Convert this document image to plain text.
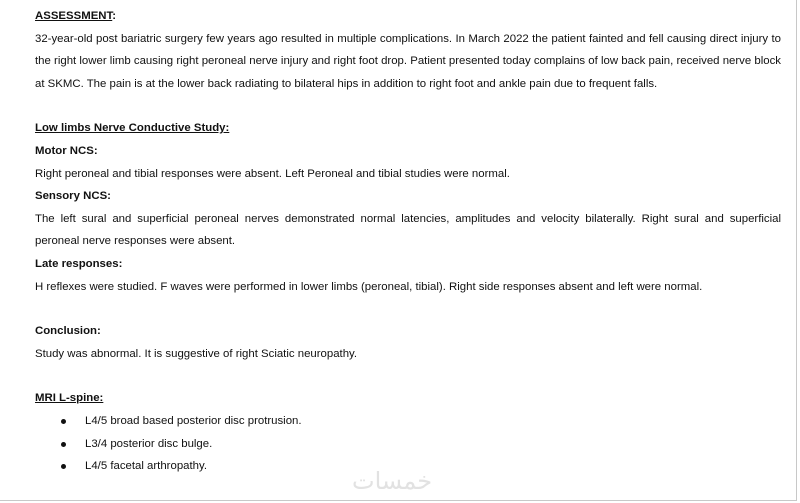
ASSESSMENT:

32-year-old post bariatric surgery few years ago resulted in multiple complications. In March 2022 the patient fainted and fell causing direct injury to the right lower limb causing right peroneal nerve injury and right foot drop. Patient presented today complains of low back pain, received nerve block at SKMC. The pain is at the lower back radiating to bilateral hips in addition to right foot and ankle pain due to frequent falls.

Low limbs Nerve Conductive Study:

Motor NCS:

Right peroneal and tibial responses were absent. Left Peroneal and tibial studies were normal.

Sensory NCS:

The left sural and superficial peroneal nerves demonstrated normal latencies, amplitudes and velocity bilaterally. Right sural and superficial peroneal nerve responses were absent.

Late responses:

H reflexes were studied. F waves were performed in lower limbs (peroneal, tibial). Right side responses absent and left were normal.

Conclusion:

Study was abnormal. It is suggestive of right Sciatic neuropathy.

MRI L-spine:

L4/5 broad based posterior disc protrusion.
L3/4 posterior disc bulge.
L4/5 facetal arthropathy.
خمسات
